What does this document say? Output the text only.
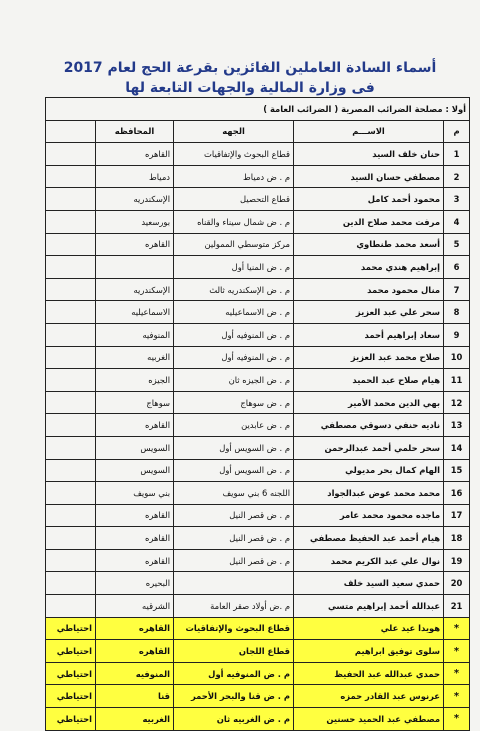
أسماء السادة العاملين الفائزين بقرعة الحج لعام 2017
فى وزارة المالية والجهات التابعة لها
أولا : مصلحة الضرائب المصرية ( الضرائب العامة )				
م	الاســـم	الجهه	المحافظه	
1	حنان خلف السيد	قطاع البحوث والإتفاقيات	القاهره	
2	مصطفي حسان السيد	م . ض دمياط	دمياط	
3	محمود أحمد كامل	قطاع التحصيل	الإسكندريه	
4	مرفت محمد صلاح الدين	م . ض شمال سيناء والقناه	بورسعيد	
5	أسعد محمد طنطاوي	مركز متوسطي الممولين	القاهره	
6	إبراهيم هندي محمد	م . ض المنيا أول		
7	منال محمود محمد	م . ض الإسكندريه ثالث	الإسكندريه	
8	سحر علي عبد العزيز	م . ض الاسماعيليه	الاسماعيليه	
9	سعاد إبراهيم أحمد	م . ض المنوفيه أول	المنوفيه	
10	صلاح محمد عبد العزيز	م . ض المنوفيه أول	الغربيه	
11	هيام صلاح عبد الحميد	م . ض الجيزه ثان	الجيزه	
12	بهي الدين محمد الأمير	م . ض سوهاج	سوهاج	
13	ناديه حنفي دسوقي مصطفي	م . ض عابدين	القاهره	
14	سحر حلمي أحمد عبدالرحمن	م . ض السويس أول	السويس	
15	الهام كمال بحر مديولي	م . ض السويس أول	السويس	
16	محمد محمد عوض عبدالجواد	اللجنه 6 بني سويف	بني سويف	
17	ماجده محمود محمد عامر	م . ض قصر النيل	القاهره	
18	هيام أحمد عبد الحفيظ مصطفي	م . ض قصر النيل	القاهره	
19	نوال علي عبد الكريم محمد	م . ض قصر النيل	القاهره	
20	حمدي سعيد السيد خلف		البحيره	
21	عبدالله أحمد إبراهيم متسي	م .ض أولاد صقر العامة	الشرقيه	
*	هويدا عيد علي	قطاع البحوث والإتفاقيات	القاهره	احتياطي
*	سلوى توفيق ابراهيم	قطاع اللجان	القاهره	احتياطي
*	حمدي عبدالله عبد الحفيظ	م . ض المنوفيه أول	المنوفيه	احتياطي
*	عرنوس عبد القادر حمزه	م . ض قنا والبحر الأحمر	قنا	احتياطي
*	مصطفي عبد الحميد حسنين	م . ض الغربيه ثان	الغربيه	احتياطي
